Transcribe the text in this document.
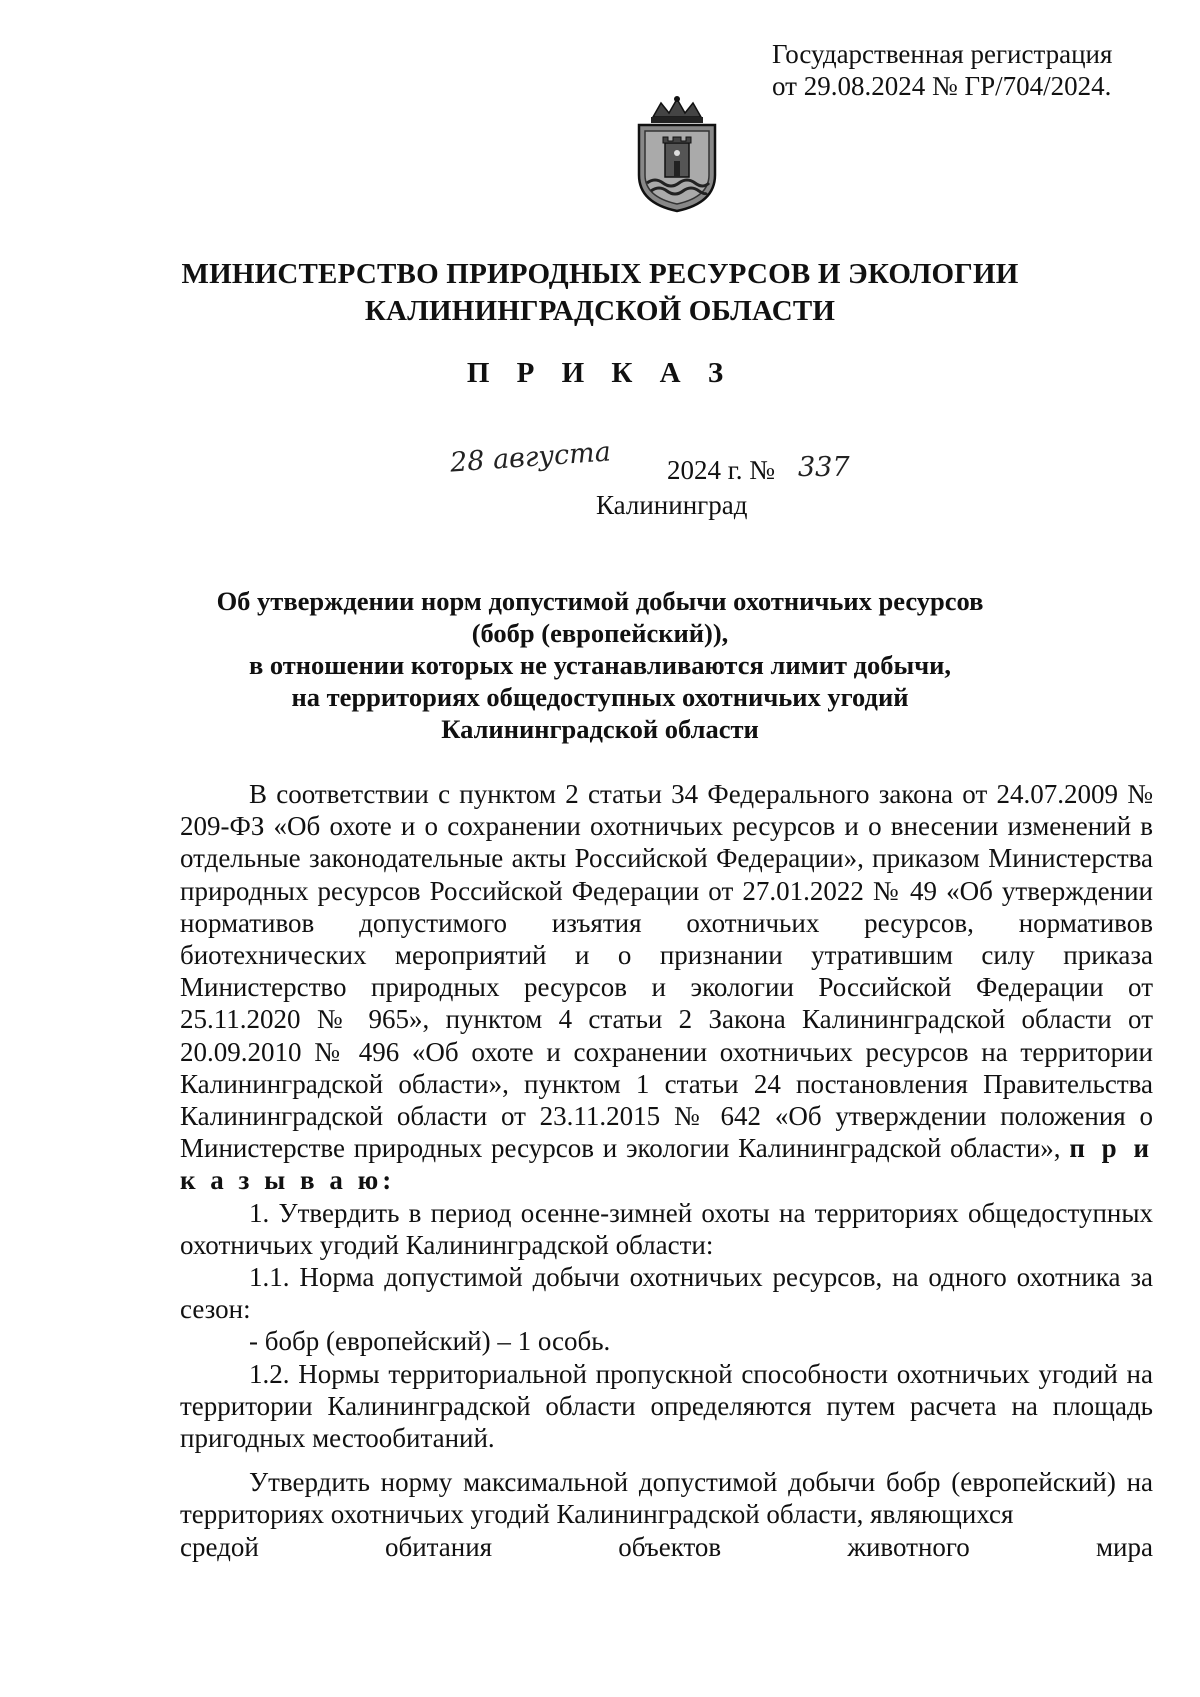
Государственная регистрация
от 29.08.2024 № ГР/704/2024.
МИНИСТЕРСТВО ПРИРОДНЫХ РЕСУРСОВ И ЭКОЛОГИИ
КАЛИНИНГРАДСКОЙ ОБЛАСТИ
П Р И К А З
28 августа 2024 г. № 337
Калининград
Об утверждении норм допустимой добычи охотничьих ресурсов
(бобр (европейский)),
в отношении которых не устанавливаются лимит добычи,
на территориях общедоступных охотничьих угодий
Калининградской области

В соответствии с пунктом 2 статьи 34 Федерального закона от 24.07.2009 № 209-ФЗ «Об охоте и о сохранении охотничьих ресурсов и о внесении изменений в отдельные законодательные акты Российской Федерации», приказом Министерства природных ресурсов Российской Федерации от 27.01.2022 № 49 «Об утверждении нормативов допустимого изъятия охотничьих ресурсов, нормативов биотехнических мероприятий и о признании утратившим силу приказа Министерство природных ресурсов и экологии Российской Федерации от 25.11.2020 № 965», пунктом 4 статьи 2 Закона Калининградской области от 20.09.2010 № 496 «Об охоте и сохранении охотничьих ресурсов на территории Калининградской области», пунктом 1 статьи 24 постановления Правительства Калининградской области от 23.11.2015 № 642 «Об утверждении положения о Министерстве природных ресурсов и экологии Калининградской области», п р и к а з ы в а ю:

1. Утвердить в период осенне-зимней охоты на территориях общедоступных охотничьих угодий Калининградской области:

1.1. Норма допустимой добычи охотничьих ресурсов, на одного охотника за сезон:

- бобр (европейский) – 1 особь.

1.2. Нормы территориальной пропускной способности охотничьих угодий на территории Калининградской области определяются путем расчета на площадь пригодных местообитаний.

Утвердить норму максимальной допустимой добычи бобр (европейский) на территориях охотничьих угодий Калининградской области, являющихся

средой	обитания	объектов	животного	мира
